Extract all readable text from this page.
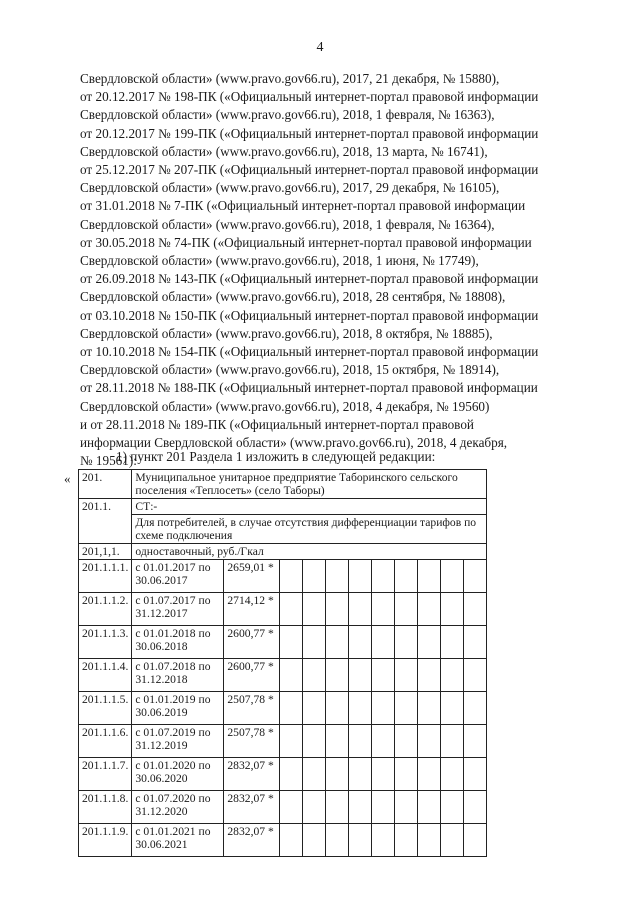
4
Свердловской области» (www.pravo.gov66.ru), 2017, 21 декабря, № 15880),
от 20.12.2017 № 198-ПК («Официальный интернет-портал правовой информации
Свердловской области» (www.pravo.gov66.ru), 2018, 1 февраля, № 16363),
от 20.12.2017 № 199-ПК («Официальный интернет-портал правовой информации
Свердловской области» (www.pravo.gov66.ru), 2018, 13 марта, № 16741),
от 25.12.2017 № 207-ПК («Официальный интернет-портал правовой информации
Свердловской области» (www.pravo.gov66.ru), 2017, 29 декабря, № 16105),
от 31.01.2018 № 7-ПК («Официальный интернет-портал правовой информации
Свердловской области» (www.pravo.gov66.ru), 2018, 1 февраля, № 16364),
от 30.05.2018 № 74-ПК («Официальный интернет-портал правовой информации
Свердловской области» (www.pravo.gov66.ru), 2018, 1 июня, № 17749),
от 26.09.2018 № 143-ПК («Официальный интернет-портал правовой информации
Свердловской области» (www.pravo.gov66.ru), 2018, 28 сентября, № 18808),
от 03.10.2018 № 150-ПК («Официальный интернет-портал правовой информации
Свердловской области» (www.pravo.gov66.ru), 2018, 8 октября, № 18885),
от 10.10.2018 № 154-ПК («Официальный интернет-портал правовой информации
Свердловской области» (www.pravo.gov66.ru), 2018, 15 октября, № 18914),
от 28.11.2018 № 188-ПК («Официальный интернет-портал правовой информации
Свердловской области» (www.pravo.gov66.ru), 2018, 4 декабря, № 19560)
и от 28.11.2018 № 189-ПК («Официальный интернет-портал правовой
информации Свердловской области» (www.pravo.gov66.ru), 2018, 4 декабря,
№ 19561):
1) пункт 201 Раздела 1 изложить в следующей редакции:
« 201.	Муниципальное унитарное предприятие Таборинского сельского поселения «Теплосеть» (село Таборы)										
201.1.	СТ:-										
	Для потребителей, в случае отсутствия дифференциации тарифов по схеме подключения										
201,1,1.	одноставочный, руб./Гкал										
201.1.1.1.	с 01.01.2017 по 30.06.2017	2659,01 *									
201.1.1.2.	с 01.07.2017 по 31.12.2017	2714,12 *									
201.1.1.3.	с 01.01.2018 по 30.06.2018	2600,77 *									
201.1.1.4.	с 01.07.2018 по 31.12.2018	2600,77 *									
201.1.1.5.	с 01.01.2019 по 30.06.2019	2507,78 *									
201.1.1.6.	с 01.07.2019 по 31.12.2019	2507,78 *									
201.1.1.7.	с 01.01.2020 по 30.06.2020	2832,07 *									
201.1.1.8.	с 01.07.2020 по 31.12.2020	2832,07 *									
201.1.1.9.	с 01.01.2021 по 30.06.2021	2832,07 *									
